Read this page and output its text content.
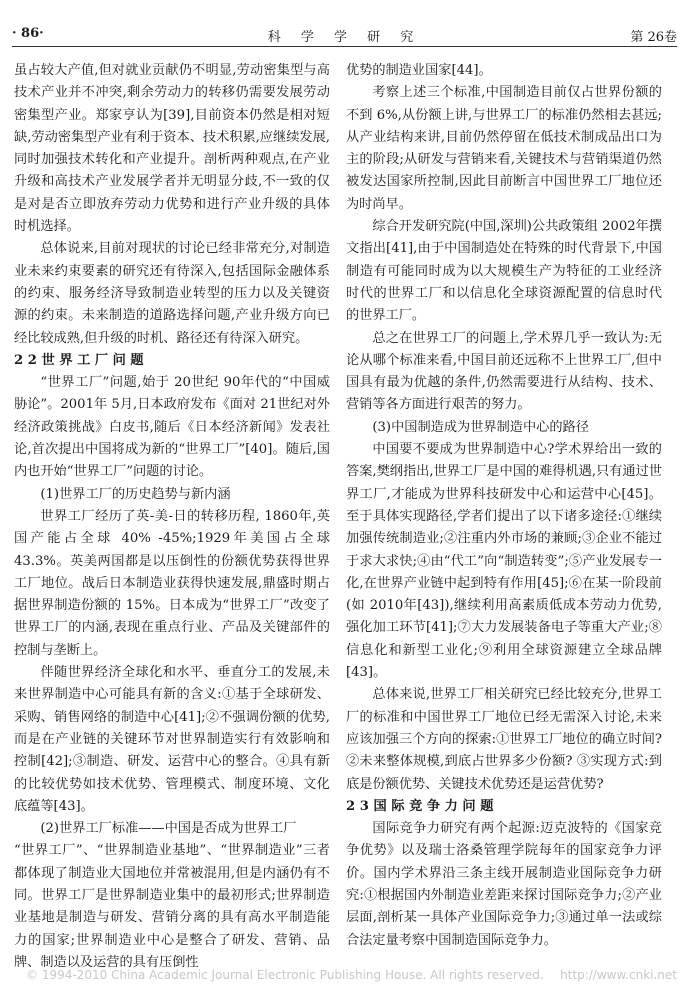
· 86·	科 学 学 研 究	第 26卷

虽占较大产值,但对就业贡献仍不明显,劳动密集型与高技术产业并不冲突,剩余劳动力的转移仍需要发展劳动密集型产业。郑家亨认为[39],目前资本仍然是相对短缺,劳动密集型产业有利于资本、技术积累,应继续发展,同时加强技术转化和产业提升。剖析两种观点,在产业升级和高技术产业发展学者并无明显分歧,不一致的仅是对是否立即放弃劳动力优势和进行产业升级的具体时机选择。

总体说来,目前对现状的讨论已经非常充分,对制造业未来约束要素的研究还有待深入,包括国际金融体系的约束、服务经济导致制造业转型的压力以及关键资源的约束。未来制造的道路选择问题,产业升级方向已经比较成熟,但升级的时机、路径还有待深入研究。

2 2 世 界 工 厂 问 题

“世界工厂”问题,始于 20世纪 90年代的“中国威胁论”。2001年 5月,日本政府发布《面对 21世纪对外经济政策挑战》白皮书,随后《日本经济新闻》发表社论,首次提出中国将成为新的“世界工厂”[40]。随后,国内也开始“世界工厂”问题的讨论。

(1)世界工厂的历史趋势与新内涵

世界工厂经历了英-美-日的转移历程, 1860年,英国产能占全球 40% -45%;1929年美国占全球 43.3%。英美两国都是以压倒性的份额优势获得世界工厂地位。战后日本制造业获得快速发展,鼎盛时期占据世界制造份额的 15%。日本成为“世界工厂”改变了世界工厂的内涵,表现在重点行业、产品及关键部件的控制与垄断上。

伴随世界经济全球化和水平、垂直分工的发展,未来世界制造中心可能具有新的含义:①基于全球研发、采购、销售网络的制造中心[41];②不强调份额的优势,而是在产业链的关键环节对世界制造实行有效影响和控制[42];③制造、研发、运营中心的整合。④具有新的比较优势如技术优势、管理模式、制度环境、文化底蕴等[43]。

(2)世界工厂标准——中国是否成为世界工厂

“世界工厂”、“世界制造业基地”、“世界制造业”三者都体现了制造业大国地位并常被混用,但是内涵仍有不同。世界工厂是世界制造业集中的最初形式;世界制造业基地是制造与研发、营销分离的具有高水平制造能力的国家;世界制造业中心是整合了研发、营销、品牌、制造以及运营的具有压倒性

优势的制造业国家[44]。

考察上述三个标准,中国制造目前仅占世界份额的不到 6%,从份额上讲,与世界工厂的标准仍然相去甚远;从产业结构来讲,目前仍然停留在低技术制成品出口为主的阶段;从研发与营销来看,关键技术与营销渠道仍然被发达国家所控制,因此目前断言中国世界工厂地位还为时尚早。

综合开发研究院(中国,深圳)公共政策组 2002年撰文指出[41],由于中国制造处在特殊的时代背景下,中国制造有可能同时成为以大规模生产为特征的工业经济时代的世界工厂和以信息化全球资源配置的信息时代的世界工厂。

总之在世界工厂的问题上,学术界几乎一致认为:无论从哪个标准来看,中国目前还远称不上世界工厂,但中国具有最为优越的条件,仍然需要进行从结构、技术、营销等各方面进行艰苦的努力。

(3)中国制造成为世界制造中心的路径

中国要不要成为世界制造中心?学术界给出一致的答案,樊纲指出,世界工厂是中国的难得机遇,只有通过世界工厂,才能成为世界科技研发中心和运营中心[45]。至于具体实现路径,学者们提出了以下诸多途径:①继续加强传统制造业;②注重内外市场的兼顾;③企业不能过于求大求快;④由“代工”向“制造转变”;⑤产业发展专一化,在世界产业链中起到特有作用[45];⑥在某一阶段前(如 2010年[43]),继续利用高素质低成本劳动力优势,强化加工环节[41];⑦大力发展装备电子等重大产业;⑧信息化和新型工业化;⑨利用全球资源建立全球品牌[43]。

总体来说,世界工厂相关研究已经比较充分,世界工厂的标准和中国世界工厂地位已经无需深入讨论,未来应该加强三个方向的探索:①世界工厂地位的确立时间? ②未来整体规模,到底占世界多少份额? ③实现方式:到底是份额优势、关键技术优势还是运营优势?

2 3 国 际 竞 争 力 问 题

国际竞争力研究有两个起源:迈克波特的《国家竞争优势》以及瑞士洛桑管理学院每年的国家竞争力评价。国内学术界沿三条主线开展制造业国际竞争力研究:①根据国内外制造业差距来探讨国际竞争力;②产业层面,剖析某一具体产业国际竞争力;③通过单一法或综合法定量考察中国制造国际竞争力。

© 1994-2010 China Academic Journal Electronic Publishing House. All rights reserved. http://www.cnki.net
